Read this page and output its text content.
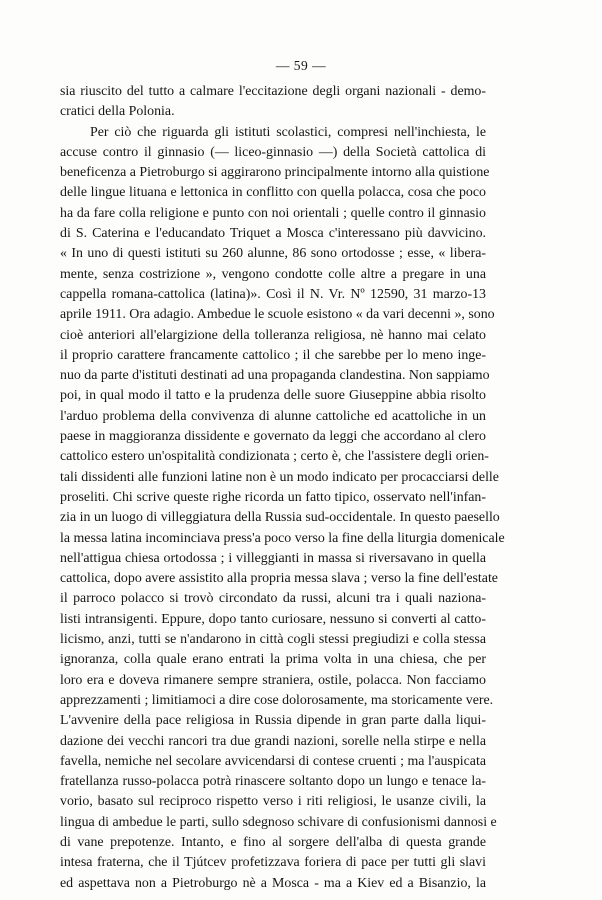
— 59 —
sia riuscito del tutto a calmare l'eccitazione degli organi nazionali - demo-
cratici della Polonia.
Per ciò che riguarda gli istituti scolastici, compresi nell'inchiesta, le
accuse contro il ginnasio (— liceo-ginnasio —) della Società cattolica di
beneficenza a Pietroburgo si aggirarono principalmente intorno alla quistione
delle lingue lituana e lettonica in conflitto con quella polacca, cosa che poco
ha da fare colla religione e punto con noi orientali ; quelle contro il ginnasio
di S. Caterina e l'educandato Triquet a Mosca c'interessano più davvicino.
« In uno di questi istituti su 260 alunne, 86 sono ortodosse ; esse, « libera-
mente, senza costrizione », vengono condotte colle altre a pregare in una
cappella romana-cattolica (latina)». Così il N. Vr. Nº 12590, 31 marzo-13
aprile 1911. Ora adagio. Ambedue le scuole esistono « da vari decenni », sono
cioè anteriori all'elargizione della tolleranza religiosa, nè hanno mai celato
il proprio carattere francamente cattolico ; il che sarebbe per lo meno inge-
nuo da parte d'istituti destinati ad una propaganda clandestina. Non sappiamo
poi, in qual modo il tatto e la prudenza delle suore Giuseppine abbia risolto
l'arduo problema della convivenza di alunne cattoliche ed acattoliche in un
paese in maggioranza dissidente e governato da leggi che accordano al clero
cattolico estero un'ospitalità condizionata ; certo è, che l'assistere degli orien-
tali dissidenti alle funzioni latine non è un modo indicato per procacciarsi delle
proseliti. Chi scrive queste righe ricorda un fatto tipico, osservato nell'infan-
zia in un luogo di villeggiatura della Russia sud-occidentale. In questo paesello
la messa latina incominciava press'a poco verso la fine della liturgia domenicale
nell'attigua chiesa ortodossa ; i villeggianti in massa si riversavano in quella
cattolica, dopo avere assistito alla propria messa slava ; verso la fine dell'estate
il parroco polacco si trovò circondato da russi, alcuni tra i quali naziona-
listi intransigenti. Eppure, dopo tanto curiosare, nessuno si converti al catto-
licismo, anzi, tutti se n'andarono in città cogli stessi pregiudizi e colla stessa
ignoranza, colla quale erano entrati la prima volta in una chiesa, che per
loro era e doveva rimanere sempre straniera, ostile, polacca. Non facciamo
apprezzamenti ; limitiamoci a dire cose dolorosamente, ma storicamente vere.
L'avvenire della pace religiosa in Russia dipende in gran parte dalla liqui-
dazione dei vecchi rancori tra due grandi nazioni, sorelle nella stirpe e nella
favella, nemiche nel secolare avvicendarsi di contese cruenti ; ma l'auspicata
fratellanza russo-polacca potrà rinascere soltanto dopo un lungo e tenace la-
vorio, basato sul reciproco rispetto verso i riti religiosi, le usanze civili, la
lingua di ambedue le parti, sullo sdegnoso schivare di confusionismi dannosi e
di vane prepotenze. Intanto, e fino al sorgere dell'alba di questa grande
intesa fraterna, che il Tjútcev profetizzava foriera di pace per tutti gli slavi
ed aspettava non a Pietroburgo nè a Mosca - ma a Kiev ed a Bisanzio, la
